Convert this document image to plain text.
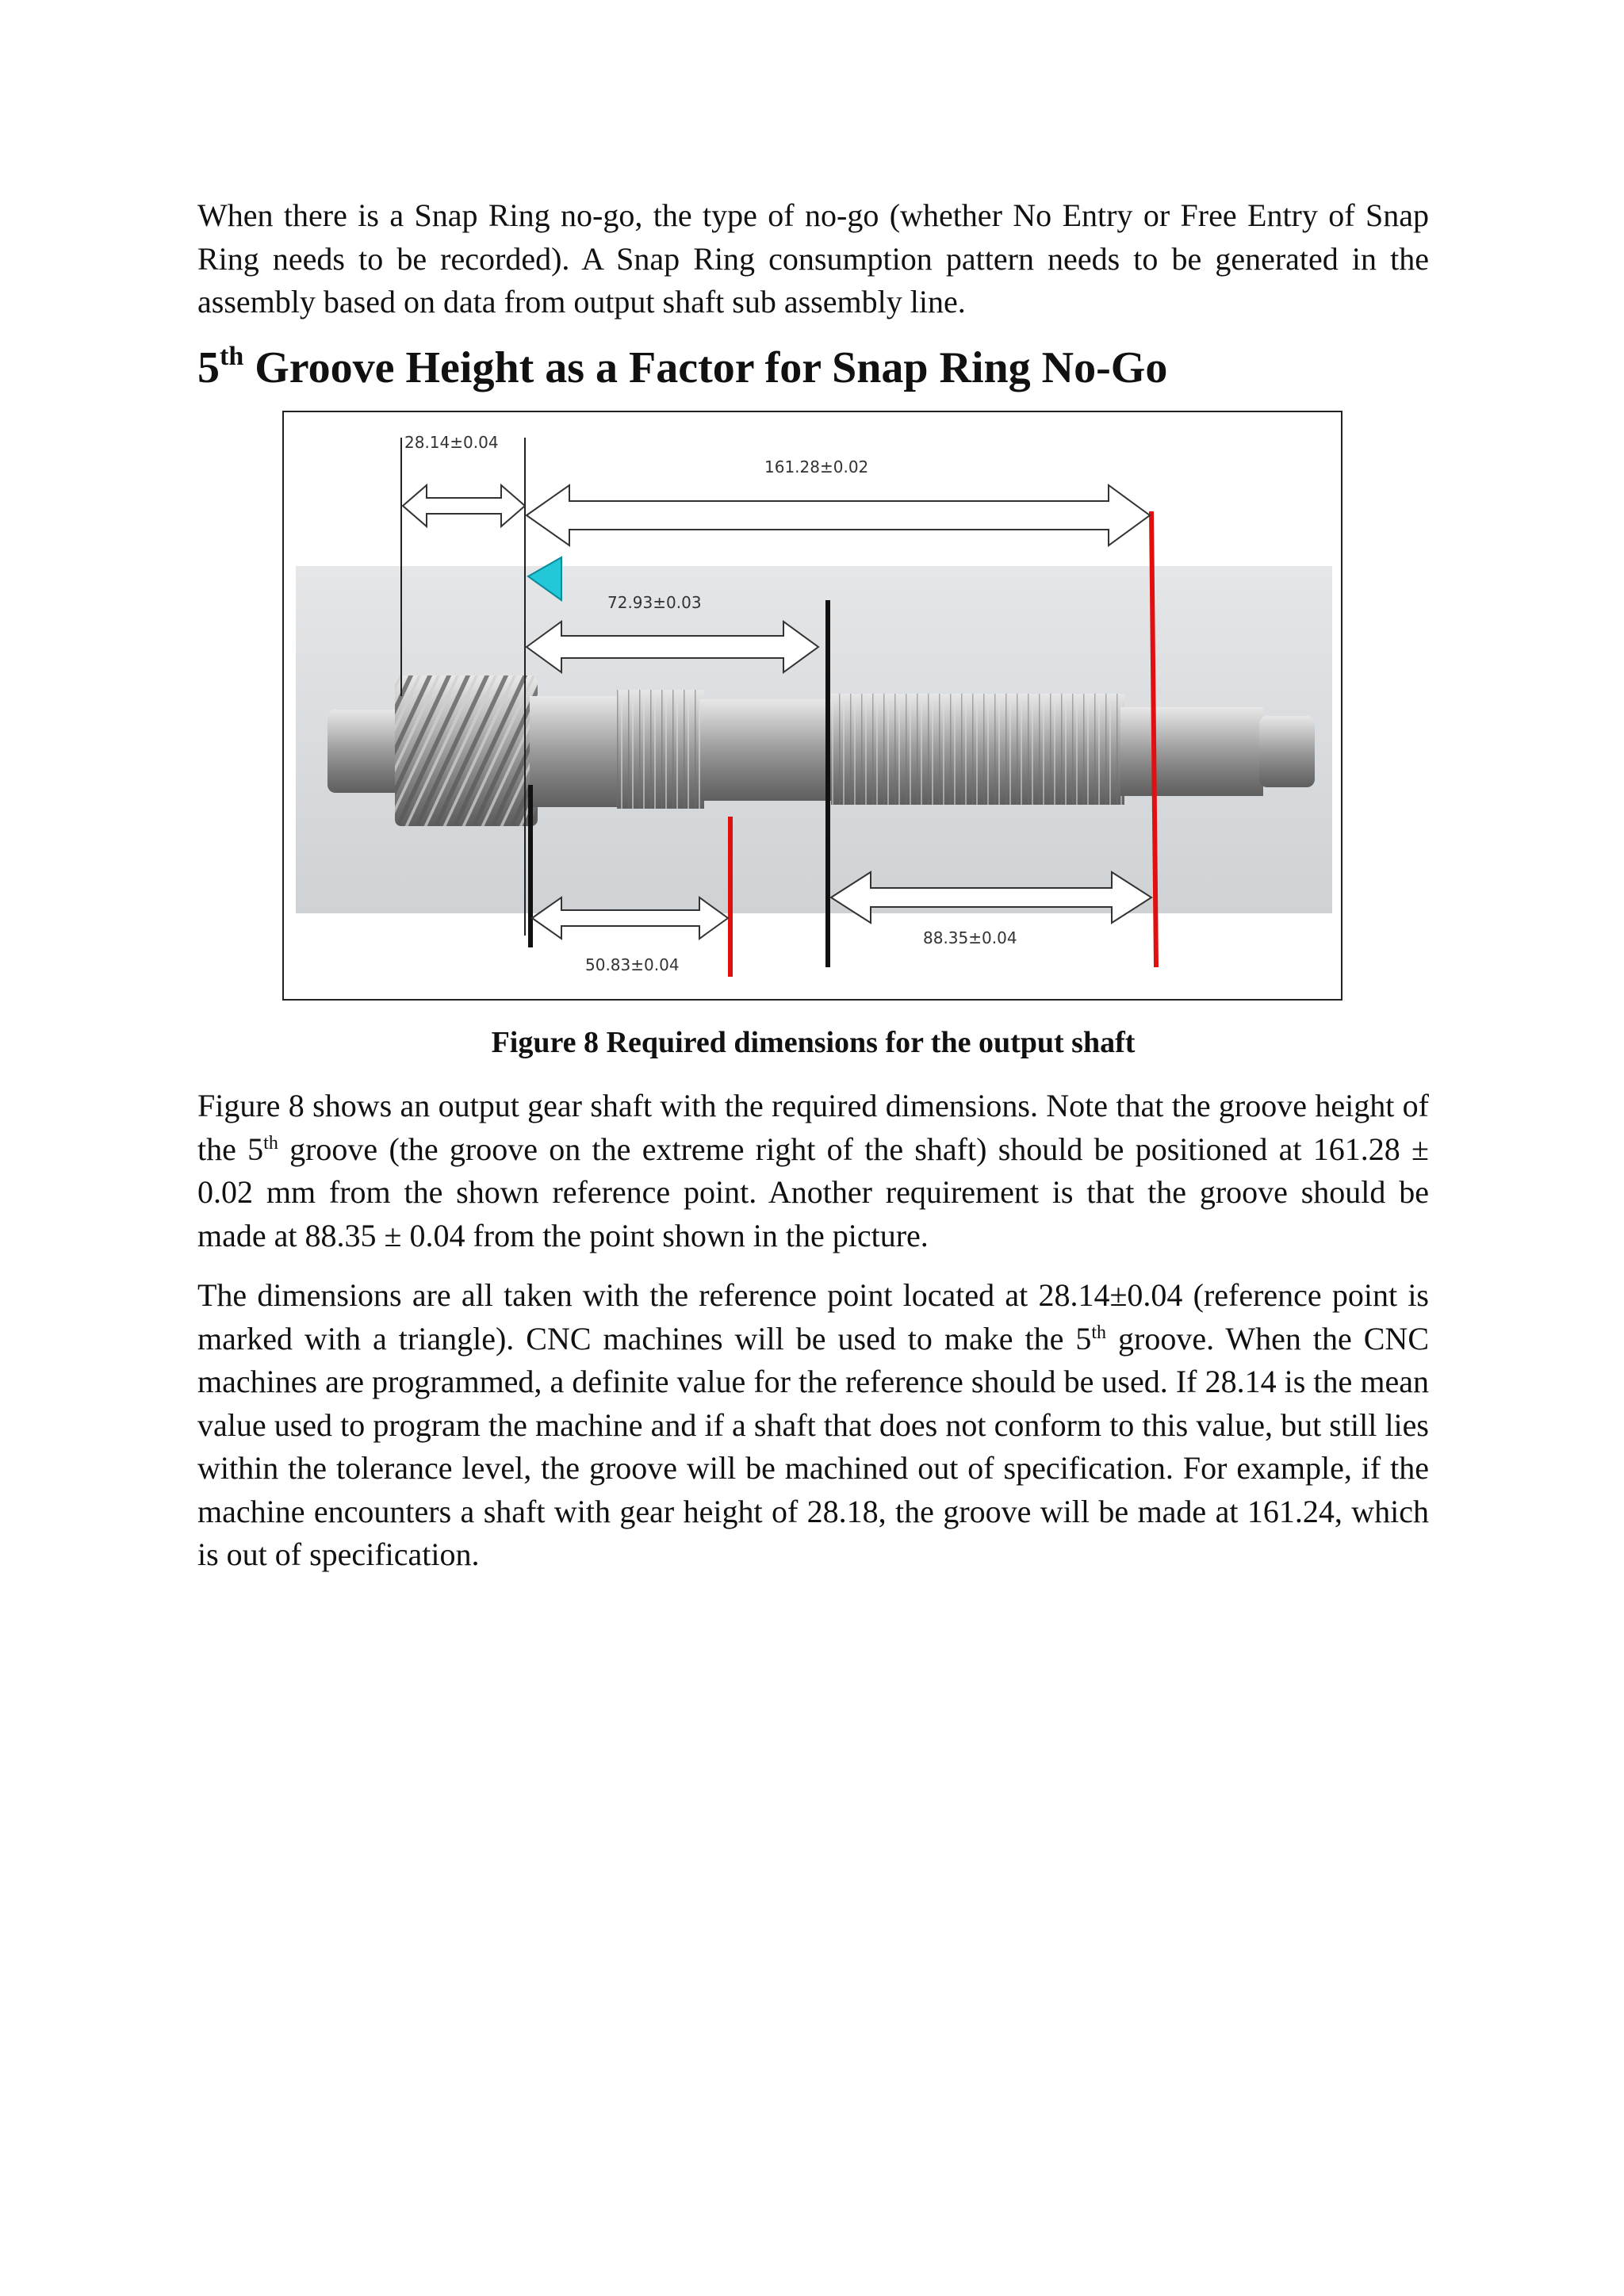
When there is a Snap Ring no-go, the type of no-go (whether No Entry or Free Entry of Snap Ring needs to be recorded). A Snap Ring consumption pattern needs to be generated in the assembly based on data from output shaft sub assembly line.

5th Groove Height as a Factor for Snap Ring No-Go
28.14±0.04
161.28±0.02
72.93±0.03
50.83±0.04
88.35±0.04

Figure 8 Required dimensions for the output shaft

Figure 8 shows an output gear shaft with the required dimensions. Note that the groove height of the 5th groove (the groove on the extreme right of the shaft) should be positioned at 161.28 ± 0.02 mm from the shown reference point. Another requirement is that the groove should be made at 88.35 ± 0.04 from the point shown in the picture.

The dimensions are all taken with the reference point located at 28.14±0.04 (reference point is marked with a triangle). CNC machines will be used to make the 5th groove. When the CNC machines are programmed, a definite value for the reference should be used. If 28.14 is the mean value used to program the machine and if a shaft that does not conform to this value, but still lies within the tolerance level, the groove will be machined out of specification. For example, if the machine encounters a shaft with gear height of 28.18, the groove will be made at 161.24, which is out of specification.
